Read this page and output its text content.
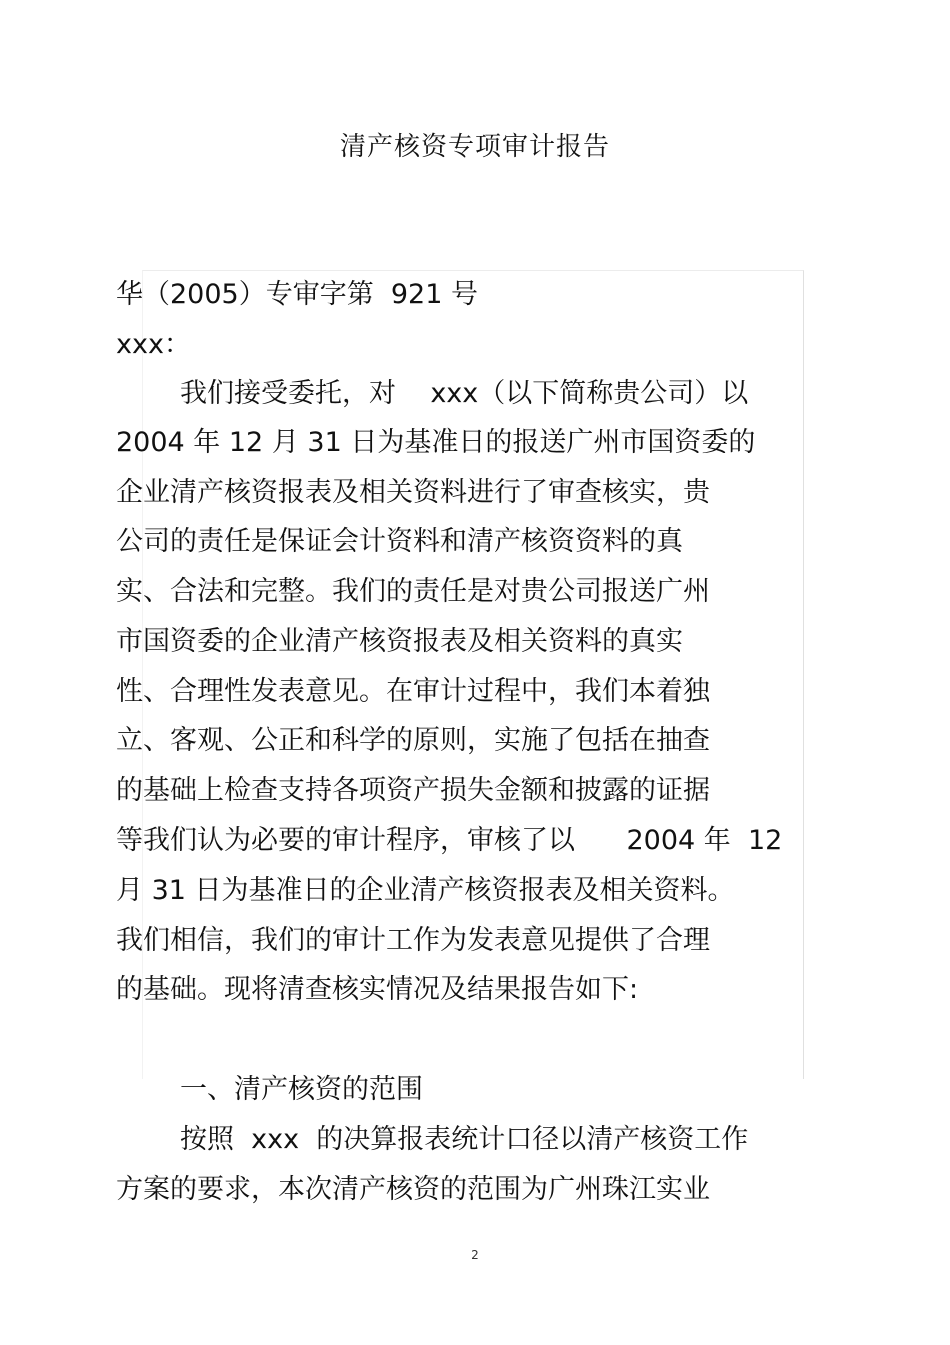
清产核资专项审计报告
华（2005）专审字第  921 号
xxx：
我们接受委托，对    xxx（以下简称贵公司）以
2004 年 12 月 31 日为基准日的报送广州市国资委的
企业清产核资报表及相关资料进行了审查核实，贵
公司的责任是保证会计资料和清产核资资料的真
实、合法和完整。我们的责任是对贵公司报送广州
市国资委的企业清产核资报表及相关资料的真实
性、合理性发表意见。在审计过程中，我们本着独
立、客观、公正和科学的原则，实施了包括在抽查
的基础上检查支持各项资产损失金额和披露的证据
等我们认为必要的审计程序，审核了以      2004 年  12
月 31 日为基准日的企业清产核资报表及相关资料。
我们相信，我们的审计工作为发表意见提供了合理
的基础。现将清查核实情况及结果报告如下:
一、清产核资的范围
按照  xxx  的决算报表统计口径以清产核资工作
方案的要求，本次清产核资的范围为广州珠江实业
2
